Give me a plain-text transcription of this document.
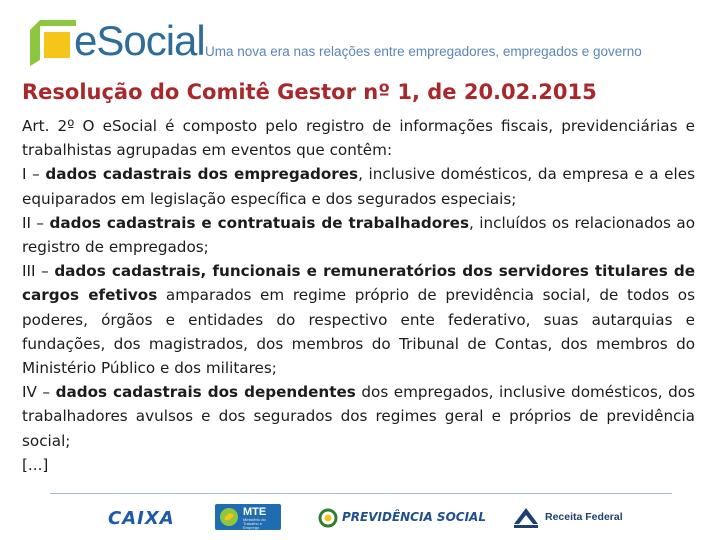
eSocial Uma nova era nas relações entre empregadores, empregados e governo
Resolução do Comitê Gestor nº 1, de 20.02.2015

Art. 2º O eSocial é composto pelo registro de informações fiscais, previdenciárias e trabalhistas agrupadas em eventos que contêm:

I – dados cadastrais dos empregadores, inclusive domésticos, da empresa e a eles equiparados em legislação específica e dos segurados especiais;

II – dados cadastrais e contratuais de trabalhadores, incluídos os relacionados ao registro de empregados;

III – dados cadastrais, funcionais e remuneratórios dos servidores titulares de cargos efetivos amparados em regime próprio de previdência social, de todos os poderes, órgãos e entidades do respectivo ente federativo, suas autarquias e fundações, dos magistrados, dos membros do Tribunal de Contas, dos membros do Ministério Público e dos militares;

IV – dados cadastrais dos dependentes dos empregados, inclusive domésticos, dos trabalhadores avulsos e dos segurados dos regimes geral e próprios de previdência social;

[...]

CAIXA	MTE
Ministério do Trabalho e Emprego
PREVIDÊNCIA SOCIAL	Receita Federal
